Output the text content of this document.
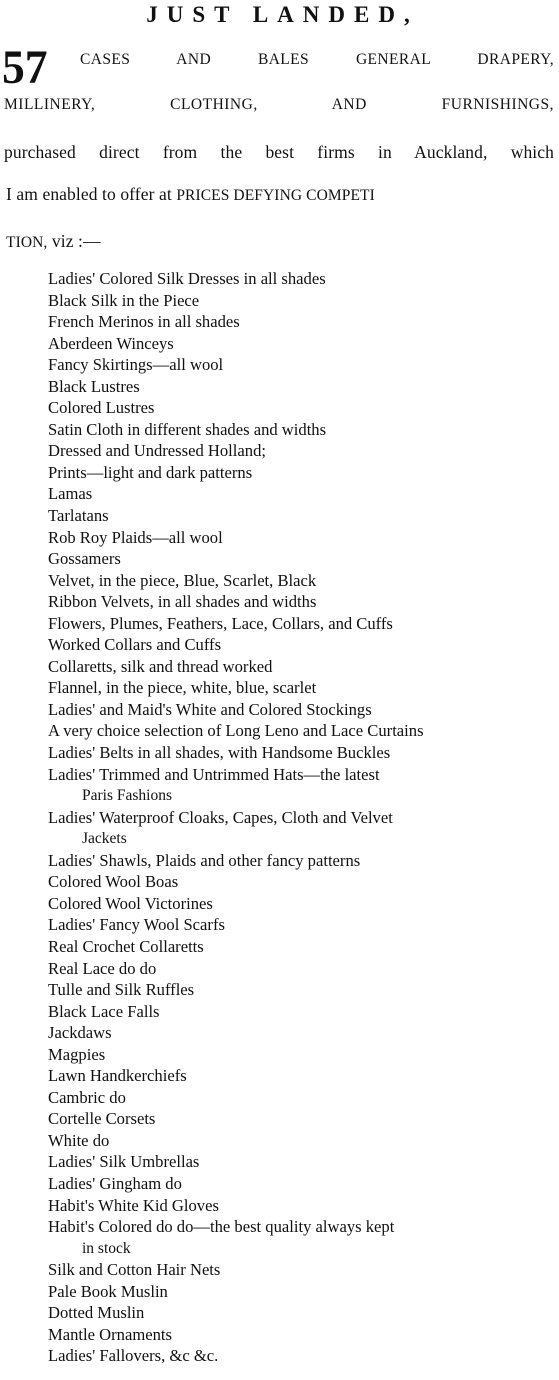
JUST LANDED,
57 CASES AND BALES GENERAL DRAPERY,
MILLINERY, CLOTHING, AND FURNISHINGS,
purchased direct from the best firms in Auckland, which
I am enabled to offer at PRICES DEFYING COMPETI
TION, viz :—
Ladies' Colored Silk Dresses in all shades
Black Silk in the Piece
French Merinos in all shades
Aberdeen Winceys
Fancy Skirtings—all wool
Black Lustres
Colored Lustres
Satin Cloth in different shades and widths
Dressed and Undressed Holland;
Prints—light and dark patterns
Lamas
Tarlatans
Rob Roy Plaids—all wool
Gossamers
Velvet, in the piece, Blue, Scarlet, Black
Ribbon Velvets, in all shades and widths
Flowers, Plumes, Feathers, Lace, Collars, and Cuffs
Worked Collars and Cuffs
Collaretts, silk and thread worked
Flannel, in the piece, white, blue, scarlet
Ladies' and Maid's White and Colored Stockings
A very choice selection of Long Leno and Lace Curtains
Ladies' Belts in all shades, with Handsome Buckles
Ladies' Trimmed and Untrimmed Hats—the latest
Paris Fashions
Ladies' Waterproof Cloaks, Capes, Cloth and Velvet
Jackets
Ladies' Shawls, Plaids and other fancy patterns
Colored Wool Boas
Colored Wool Victorines
Ladies' Fancy Wool Scarfs
Real Crochet Collaretts
Real Lace do do
Tulle and Silk Ruffles
Black Lace Falls
Jackdaws
Magpies
Lawn Handkerchiefs
Cambric do
Cortelle Corsets
White do
Ladies' Silk Umbrellas
Ladies' Gingham do
Habit's White Kid Gloves
Habit's Colored do do—the best quality always kept
in stock
Silk and Cotton Hair Nets
Pale Book Muslin
Dotted Muslin
Mantle Ornaments
Ladies' Fallovers, &c &c.
